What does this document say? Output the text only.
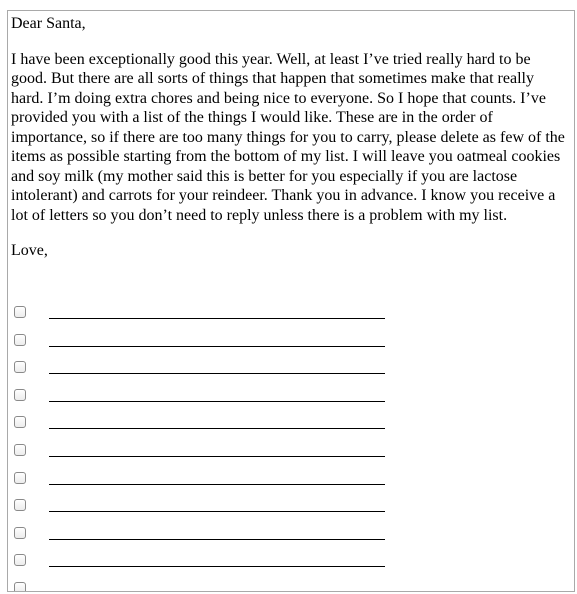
Dear Santa,

I have been exceptionally good this year. Well, at least I’ve tried really hard to be good. But there are all sorts of things that happen that sometimes make that really hard. I’m doing extra chores and being nice to everyone. So I hope that counts. I’ve provided you with a list of the things I would like. These are in the order of importance, so if there are too many things for you to carry, please delete as few of the items as possible starting from the bottom of my list. I will leave you oatmeal cookies and soy milk (my mother said this is better for you especially if you are lactose intolerant) and carrots for your reindeer. Thank you in advance. I know you receive a lot of letters so you don’t need to reply unless there is a problem with my list.

Love,
